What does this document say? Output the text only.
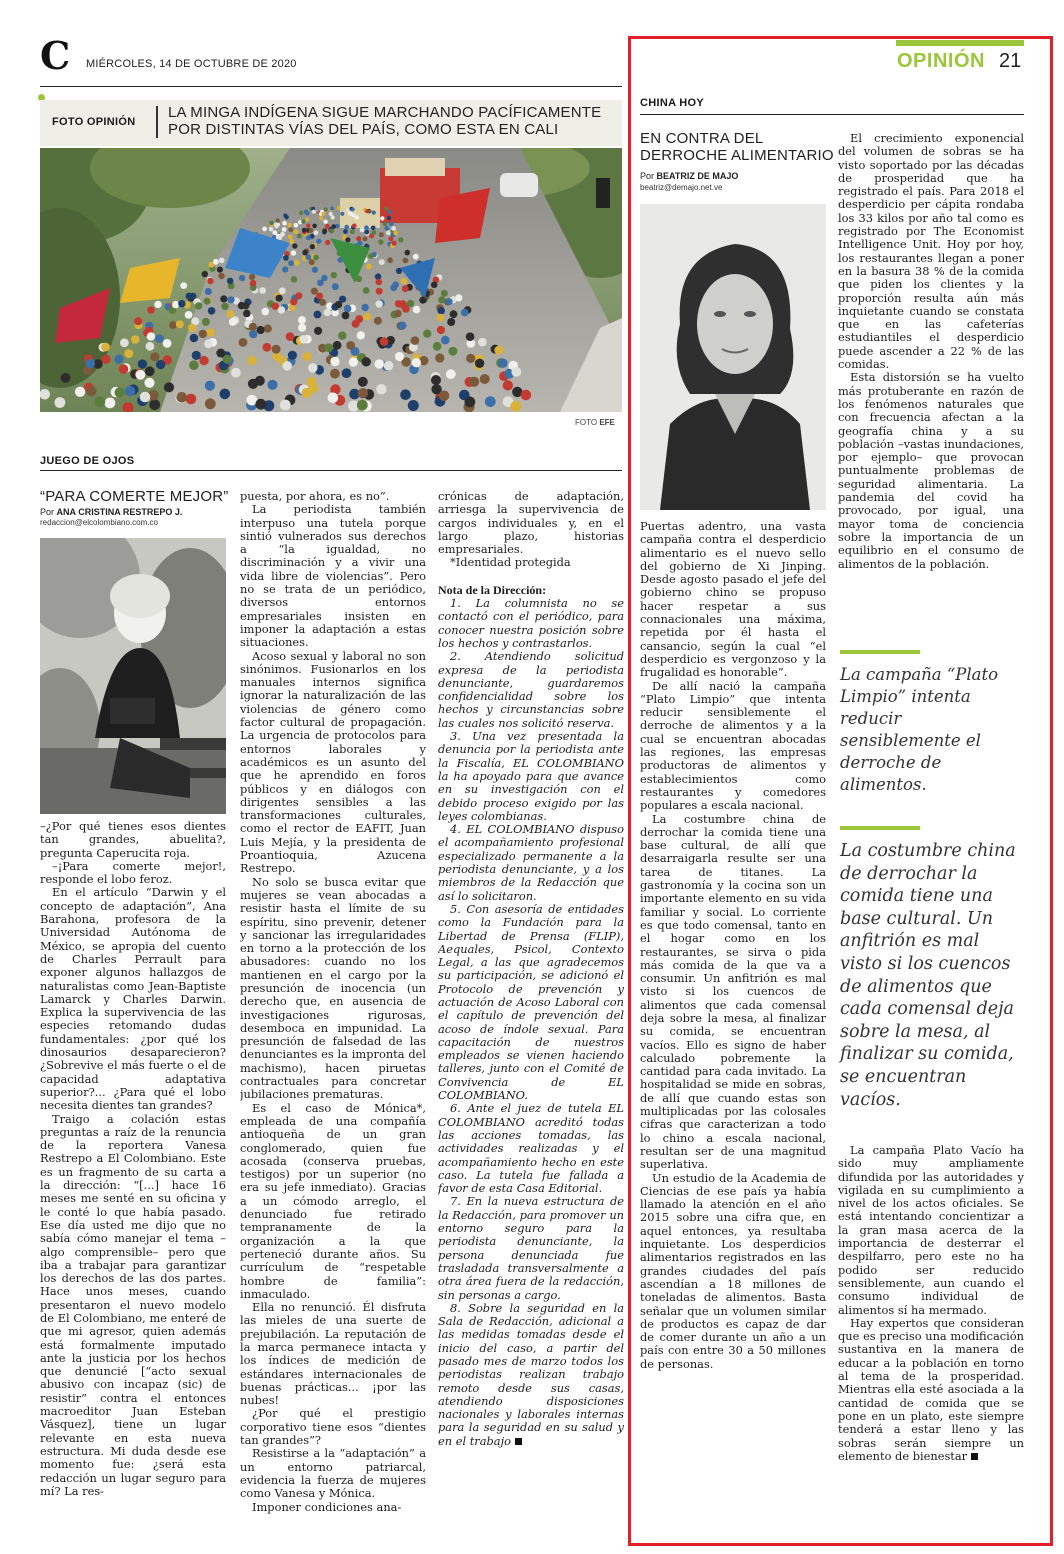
C MIÉRCOLES, 14 DE OCTUBRE DE 2020	OPINIÓN 21
CHINA HOY
FOTO OPINIÓN
LA MINGA INDÍGENA SIGUE MARCHANDO PACÍFICAMENTE POR DISTINTAS VÍAS DEL PAÍS, COMO ESTA EN CALI
FOTO EFE
JUEGO DE OJOS
“PARA COMERTE MEJOR”
Por ANA CRISTINA RESTREPO J.
redaccion@elcolombiano.com.co

–¿Por qué tienes esos dientes tan grandes, abuelita?, pregunta Caperucita roja.

–¡Para comerte mejor!, responde el lobo feroz.

En el artículo “Darwin y el concepto de adaptación”, Ana Barahona, profesora de la Universidad Autónoma de México, se apropia del cuento de Charles Perrault para exponer algunos hallazgos de naturalistas como Jean-Baptiste Lamarck y Charles Darwin. Explica la supervivencia de las especies retomando dudas fundamentales: ¿por qué los dinosaurios desaparecieron? ¿Sobrevive el más fuerte o el de capacidad adaptativa superior?... ¿Para qué el lobo necesita dientes tan grandes?

Traigo a colación estas preguntas a raíz de la renuncia de la reportera Vanesa Restrepo a El Colombiano. Este es un fragmento de su carta a la dirección: “[...] hace 16 meses me senté en su oficina y le conté lo que había pasado. Ese día usted me dijo que no sabía cómo manejar el tema –algo comprensible– pero que iba a trabajar para garantizar los derechos de las dos partes. Hace unos meses, cuando presentaron el nuevo modelo de El Colombiano, me enteré de que mi agresor, quien además está formalmente imputado ante la justicia por los hechos que denuncié [“acto sexual abusivo con incapaz (sic) de resistir” contra el entonces macroeditor Juan Esteban Vásquez], tiene un lugar relevante en esta nueva estructura. Mi duda desde ese momento fue: ¿será esta redacción un lugar seguro para mí? La res-

puesta, por ahora, es no”.

La periodista también interpuso una tutela porque sintió vulnerados sus derechos a “la igualdad, no discriminación y a vivir una vida libre de violencias”. Pero no se trata de un periódico, diversos entornos empresariales insisten en imponer la adaptación a estas situaciones.

Acoso sexual y laboral no son sinónimos. Fusionarlos en los manuales internos significa ignorar la naturalización de las violencias de género como factor cultural de propagación. La urgencia de protocolos para entornos laborales y académicos es un asunto del que he aprendido en foros públicos y en diálogos con dirigentes sensibles a las transformaciones culturales, como el rector de EAFIT, Juan Luis Mejía, y la presidenta de Proantioquia, Azucena Restrepo.

No solo se busca evitar que mujeres se vean abocadas a resistir hasta el límite de su espíritu, sino prevenir, detener y sancionar las irregularidades en torno a la protección de los abusadores: cuando no los mantienen en el cargo por la presunción de inocencia (un derecho que, en ausencia de investigaciones rigurosas, desemboca en impunidad. La presunción de falsedad de las denunciantes es la impronta del machismo), hacen piruetas contractuales para concretar jubilaciones prematuras.

Es el caso de Mónica*, empleada de una compañía antioqueña de un gran conglomerado, quien fue acosada (conserva pruebas, testigos) por un superior (no era su jefe inmediato). Gracias a un cómodo arreglo, el denunciado fue retirado tempranamente de la organización a la que perteneció durante años. Su currículum de “respetable hombre de familia”: inmaculado.

Ella no renunció. Él disfruta las mieles de una suerte de prejubilación. La reputación de la marca permanece intacta y los índices de medición de estándares internacionales de buenas prácticas... ¡por las nubes!

¿Por qué el prestigio corporativo tiene esos “dientes tan grandes”?

Resistirse a la “adaptación” a un entorno patriarcal, evidencia la fuerza de mujeres como Vanesa y Mónica.

Imponer condiciones ana-

crónicas de adaptación, arriesga la supervivencia de cargos individuales y, en el largo plazo, historias empresariales.

*Identidad protegida

Nota de la Dirección:

1. La columnista no se contactó con el periódico, para conocer nuestra posición sobre los hechos y contrastarlos.

2. Atendiendo solicitud expresa de la periodista denunciante, guardaremos confidencialidad sobre los hechos y circunstancias sobre las cuales nos solicitó reserva.

3. Una vez presentada la denuncia por la periodista ante la Fiscalía, EL COLOMBIANO la ha apoyado para que avance en su investigación con el debido proceso exigido por las leyes colombianas.

4. EL COLOMBIANO dispuso el acompañamiento profesional especializado permanente a la periodista denunciante, y a los miembros de la Redacción que así lo solicitaron.

5. Con asesoría de entidades como la Fundación para la Libertad de Prensa (FLIP), Aequales, Psicol, Contexto Legal, a las que agradecemos su participación, se adicionó el Protocolo de prevención y actuación de Acoso Laboral con el capítulo de prevención del acoso de índole sexual. Para capacitación de nuestros empleados se vienen haciendo talleres, junto con el Comité de Convivencia de EL COLOMBIANO.

6. Ante el juez de tutela EL COLOMBIANO acreditó todas las acciones tomadas, las actividades realizadas y el acompañamiento hecho en este caso. La tutela fue fallada a favor de esta Casa Editorial.

7. En la nueva estructura de la Redacción, para promover un entorno seguro para la periodista denunciante, la persona denunciada fue trasladada transversalmente a otra área fuera de la redacción, sin personas a cargo.

8. Sobre la seguridad en la Sala de Redacción, adicional a las medidas tomadas desde el inicio del caso, a partir del pasado mes de marzo todos los periodistas realizan trabajo remoto desde sus casas, atendiendo disposiciones nacionales y laborales internas para la seguridad en su salud y en el trabajo

EN CONTRA DEL DERROCHE ALIMENTARIO
Por BEATRIZ DE MAJO
beatriz@demajo.net.ve

Puertas adentro, una vasta campaña contra el desperdicio alimentario es el nuevo sello del gobierno de Xi Jinping. Desde agosto pasado el jefe del gobierno chino se propuso hacer respetar a sus connacionales una máxima, repetida por él hasta el cansancio, según la cual “el desperdicio es vergonzoso y la frugalidad es honorable”.

De allí nació la campaña “Plato Limpio” que intenta reducir sensiblemente el derroche de alimentos y a la cual se encuentran abocadas las regiones, las empresas productoras de alimentos y establecimientos como restaurantes y comedores populares a escala nacional.

La costumbre china de derrochar la comida tiene una base cultural, de allí que desarraigarla resulte ser una tarea de titanes. La gastronomía y la cocina son un importante elemento en su vida familiar y social. Lo corriente es que todo comensal, tanto en el hogar como en los restaurantes, se sirva o pida más comida de la que va a consumir. Un anfitrión es mal visto si los cuencos de alimentos que cada comensal deja sobre la mesa, al finalizar su comida, se encuentran vacíos. Ello es signo de haber calculado pobremente la cantidad para cada invitado. La hospitalidad se mide en sobras, de allí que cuando estas son multiplicadas por las colosales cifras que caracterizan a todo lo chino a escala nacional, resultan ser de una magnitud superlativa.

Un estudio de la Academia de Ciencias de ese país ya había llamado la atención en el año 2015 sobre una cifra que, en aquel entonces, ya resultaba inquietante. Los desperdicios alimentarios registrados en las grandes ciudades del país ascendían a 18 millones de toneladas de alimentos. Basta señalar que un volumen similar de productos es capaz de dar de comer durante un año a un país con entre 30 a 50 millones de personas.

El crecimiento exponencial del volumen de sobras se ha visto soportado por las décadas de prosperidad que ha registrado el país. Para 2018 el desperdicio per cápita rondaba los 33 kilos por año tal como es registrado por The Economist Intelligence Unit. Hoy por hoy, los restaurantes llegan a poner en la basura 38 % de la comida que piden los clientes y la proporción resulta aún más inquietante cuando se constata que en las cafeterías estudiantiles el desperdicio puede ascender a 22 % de las comidas.

Esta distorsión se ha vuelto más protuberante en razón de los fenómenos naturales que con frecuencia afectan a la geografía china y a su población –vastas inundaciones, por ejemplo– que provocan puntualmente problemas de seguridad alimentaria. La pandemia del covid ha provocado, por igual, una mayor toma de conciencia sobre la importancia de un equilibrio en el consumo de alimentos de la población.

La campaña “Plato Limpio” intenta reducir sensiblemente el derroche de alimentos.
La costumbre china de derrochar la comida tiene una base cultural. Un anfitrión es mal visto si los cuencos de alimentos que cada comensal deja sobre la mesa, al finalizar su comida, se encuentran vacíos.

La campaña Plato Vacío ha sido muy ampliamente difundida por las autoridades y vigilada en su cumplimiento a nivel de los actos oficiales. Se está intentando concientizar a la gran masa acerca de la importancia de desterrar el despilfarro, pero este no ha podido ser reducido sensiblemente, aun cuando el consumo individual de alimentos sí ha mermado.

Hay expertos que consideran que es preciso una modificación sustantiva en la manera de educar a la población en torno al tema de la prosperidad. Mientras ella esté asociada a la cantidad de comida que se pone en un plato, este siempre tenderá a estar lleno y las sobras serán siempre un elemento de bienestar
